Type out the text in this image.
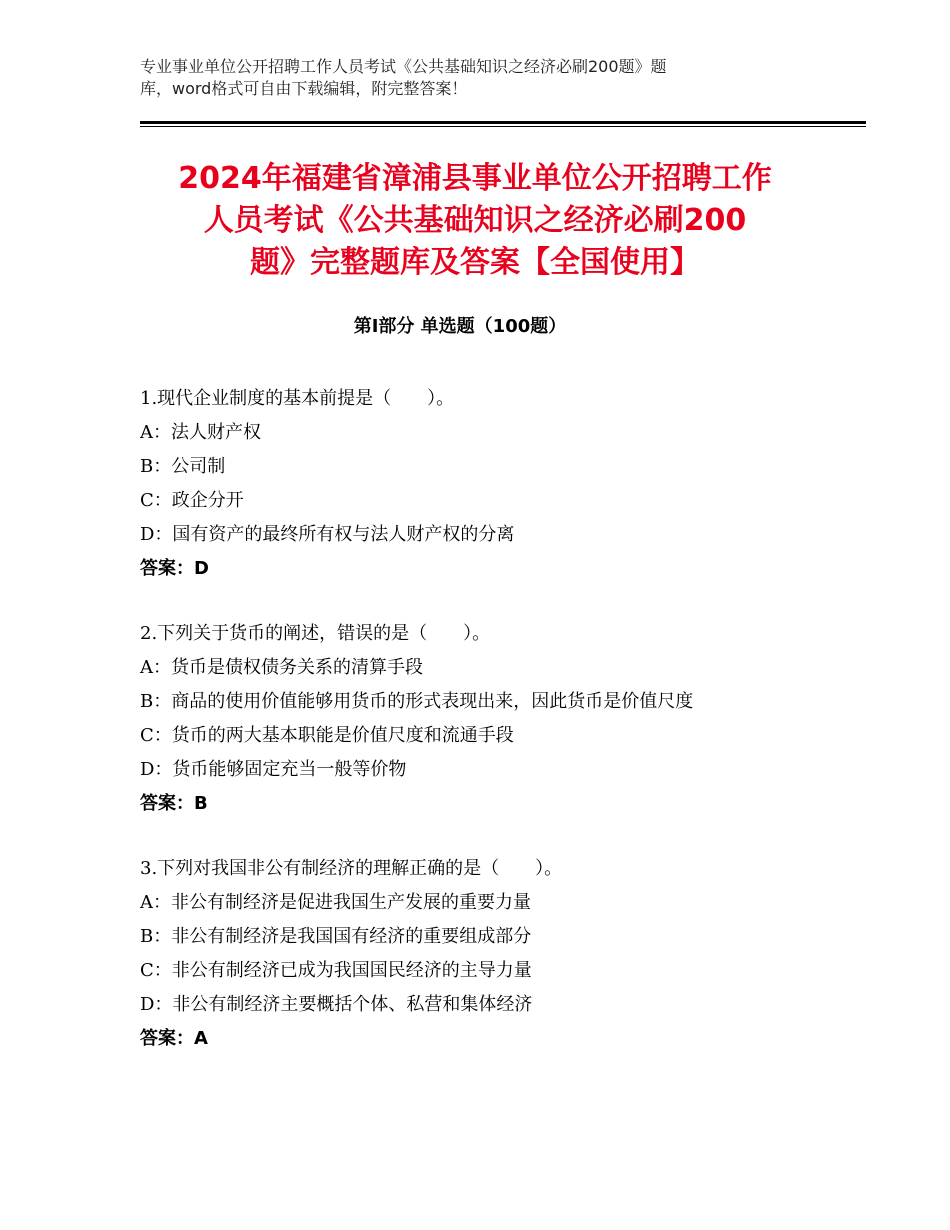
专业事业单位公开招聘工作人员考试《公共基础知识之经济必刷200题》题
库，word格式可自由下载编辑，附完整答案！
2024年福建省漳浦县事业单位公开招聘工作
人员考试《公共基础知识之经济必刷200
题》完整题库及答案【全国使用】
第I部分 单选题（100题）
1.现代企业制度的基本前提是（　　）。
A：法人财产权
B：公司制
C：政企分开
D：国有资产的最终所有权与法人财产权的分离
答案：D
2.下列关于货币的阐述，错误的是（　　）。
A：货币是债权债务关系的清算手段
B：商品的使用价值能够用货币的形式表现出来，因此货币是价值尺度
C：货币的两大基本职能是价值尺度和流通手段
D：货币能够固定充当一般等价物
答案：B
3.下列对我国非公有制经济的理解正确的是（　　）。
A：非公有制经济是促进我国生产发展的重要力量
B：非公有制经济是我国国有经济的重要组成部分
C：非公有制经济已成为我国国民经济的主导力量
D：非公有制经济主要概括个体、私营和集体经济
答案：A
